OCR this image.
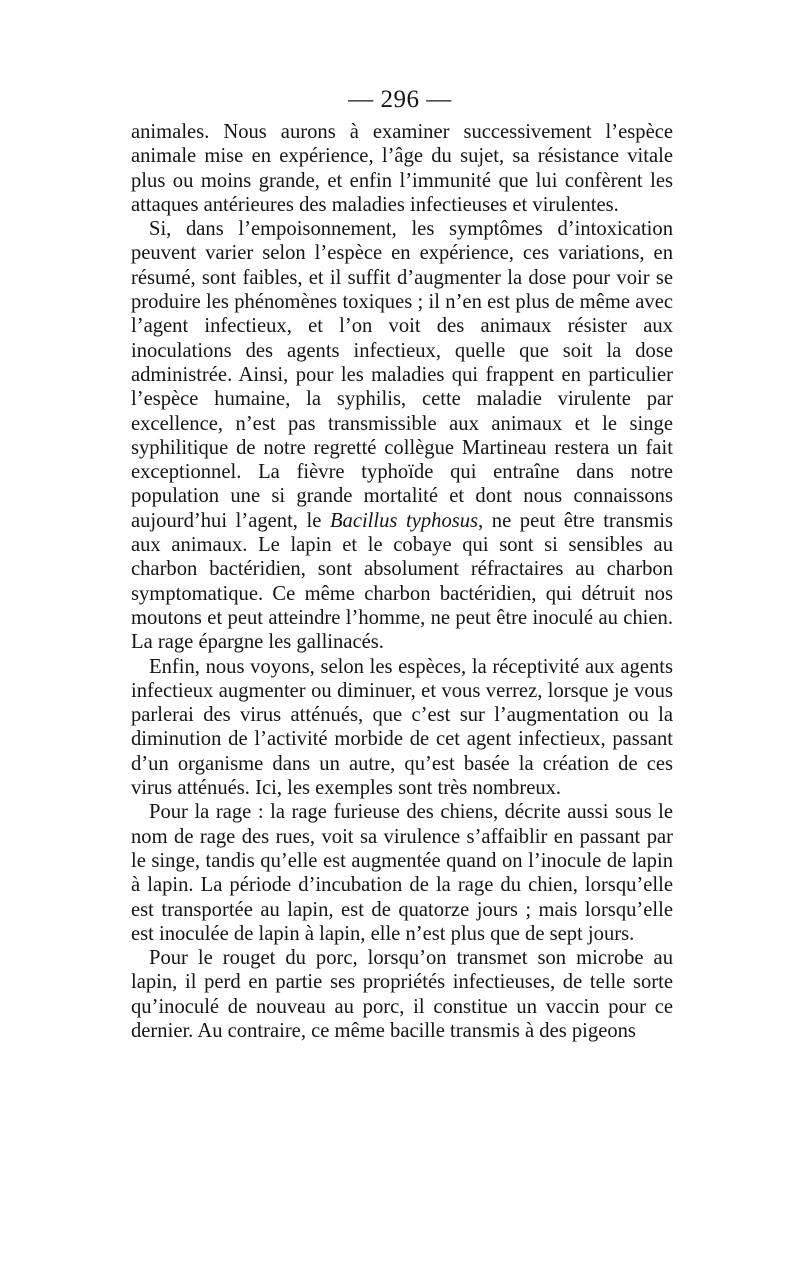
— 296 —

animales. Nous aurons à examiner successivement l’espèce animale mise en expérience, l’âge du sujet, sa résistance vitale plus ou moins grande, et enfin l’immunité que lui confèrent les attaques antérieures des maladies infectieuses et virulentes.

Si, dans l’empoisonnement, les symptômes d’intoxication peuvent varier selon l’espèce en expérience, ces variations, en résumé, sont faibles, et il suffit d’augmenter la dose pour voir se produire les phénomènes toxiques ; il n’en est plus de même avec l’agent infectieux, et l’on voit des animaux résister aux inoculations des agents infectieux, quelle que soit la dose administrée. Ainsi, pour les maladies qui frappent en particulier l’espèce humaine, la syphilis, cette maladie virulente par excellence, n’est pas transmissible aux animaux et le singe syphilitique de notre regretté collègue Martineau restera un fait exceptionnel. La fièvre typhoïde qui entraîne dans notre population une si grande mortalité et dont nous connaissons aujourd’hui l’agent, le Bacillus typhosus, ne peut être transmis aux animaux. Le lapin et le cobaye qui sont si sensibles au charbon bactéridien, sont absolument réfractaires au charbon symptomatique. Ce même charbon bactéridien, qui détruit nos moutons et peut atteindre l’homme, ne peut être inoculé au chien. La rage épargne les gallinacés.

Enfin, nous voyons, selon les espèces, la réceptivité aux agents infectieux augmenter ou diminuer, et vous verrez, lorsque je vous parlerai des virus atténués, que c’est sur l’augmentation ou la diminution de l’activité morbide de cet agent infectieux, passant d’un organisme dans un autre, qu’est basée la création de ces virus atténués. Ici, les exemples sont très nombreux.

Pour la rage : la rage furieuse des chiens, décrite aussi sous le nom de rage des rues, voit sa virulence s’affaiblir en passant par le singe, tandis qu’elle est augmentée quand on l’inocule de lapin à lapin. La période d’incubation de la rage du chien, lorsqu’elle est transportée au lapin, est de quatorze jours ; mais lorsqu’elle est inoculée de lapin à lapin, elle n’est plus que de sept jours.

Pour le rouget du porc, lorsqu’on transmet son microbe au lapin, il perd en partie ses propriétés infectieuses, de telle sorte qu’inoculé de nouveau au porc, il constitue un vaccin pour ce dernier. Au contraire, ce même bacille transmis à des pigeons
